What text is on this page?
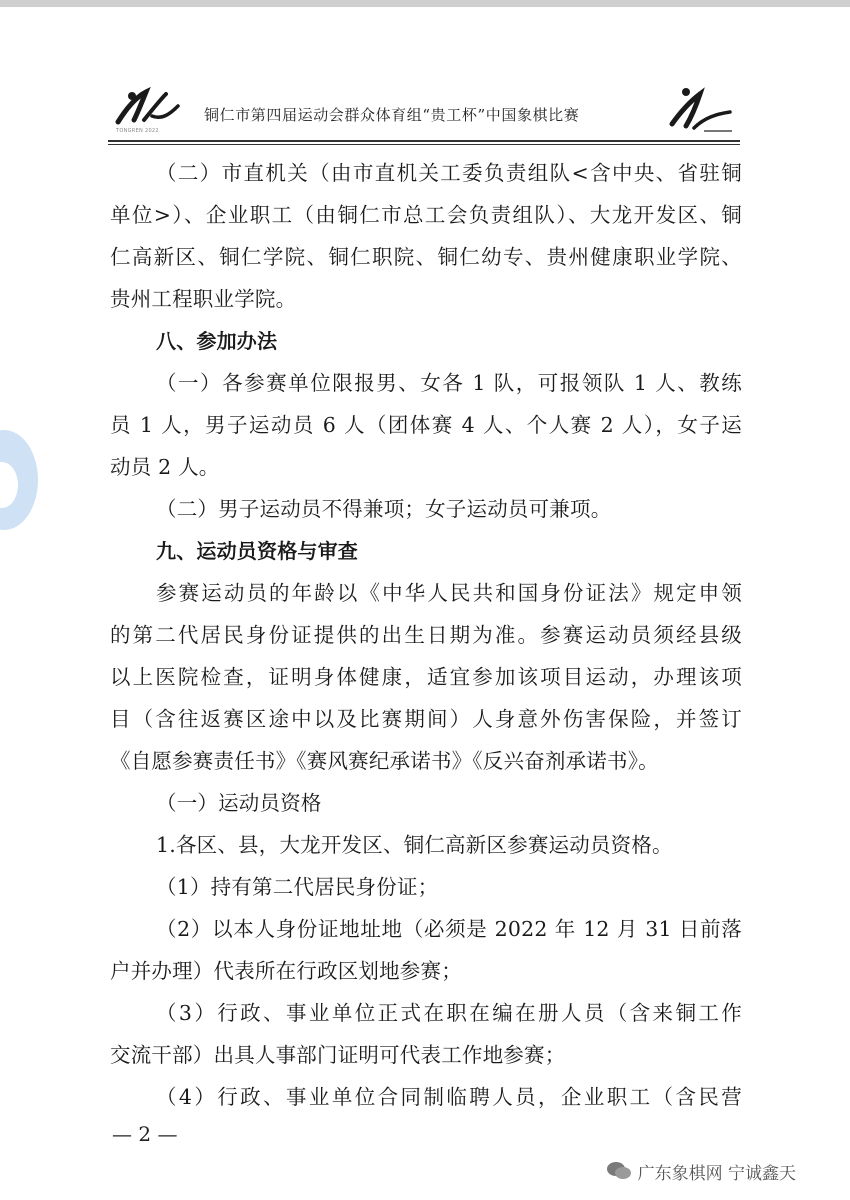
TONGREN 2022
铜仁市第四届运动会群众体育组“贵工杯”中国象棋比赛
（二）市直机关（由市直机关工委负责组队<含中央、省驻铜
单位>）、企业职工（由铜仁市总工会负责组队）、大龙开发区、铜
仁高新区、铜仁学院、铜仁职院、铜仁幼专、贵州健康职业学院、
贵州工程职业学院。
八、参加办法
（一）各参赛单位限报男、女各 1 队，可报领队 1 人、教练
员 1 人，男子运动员 6 人（团体赛 4 人、个人赛 2 人），女子运
动员 2 人。
（二）男子运动员不得兼项；女子运动员可兼项。
九、运动员资格与审查
参赛运动员的年龄以《中华人民共和国身份证法》规定申领
的第二代居民身份证提供的出生日期为准。参赛运动员须经县级
以上医院检查，证明身体健康，适宜参加该项目运动，办理该项
目（含往返赛区途中以及比赛期间）人身意外伤害保险，并签订
《自愿参赛责任书》《赛风赛纪承诺书》《反兴奋剂承诺书》。
（一）运动员资格
1.各区、县，大龙开发区、铜仁高新区参赛运动员资格。
（1）持有第二代居民身份证；
（2）以本人身份证地址地（必须是 2022 年 12 月 31 日前落
户并办理）代表所在行政区划地参赛；
（3）行政、事业单位正式在职在编在册人员（含来铜工作
交流干部）出具人事部门证明可代表工作地参赛；
（4）行政、事业单位合同制临聘人员，企业职工（含民营
— 2 —
广东象棋网 宁诚鑫天
